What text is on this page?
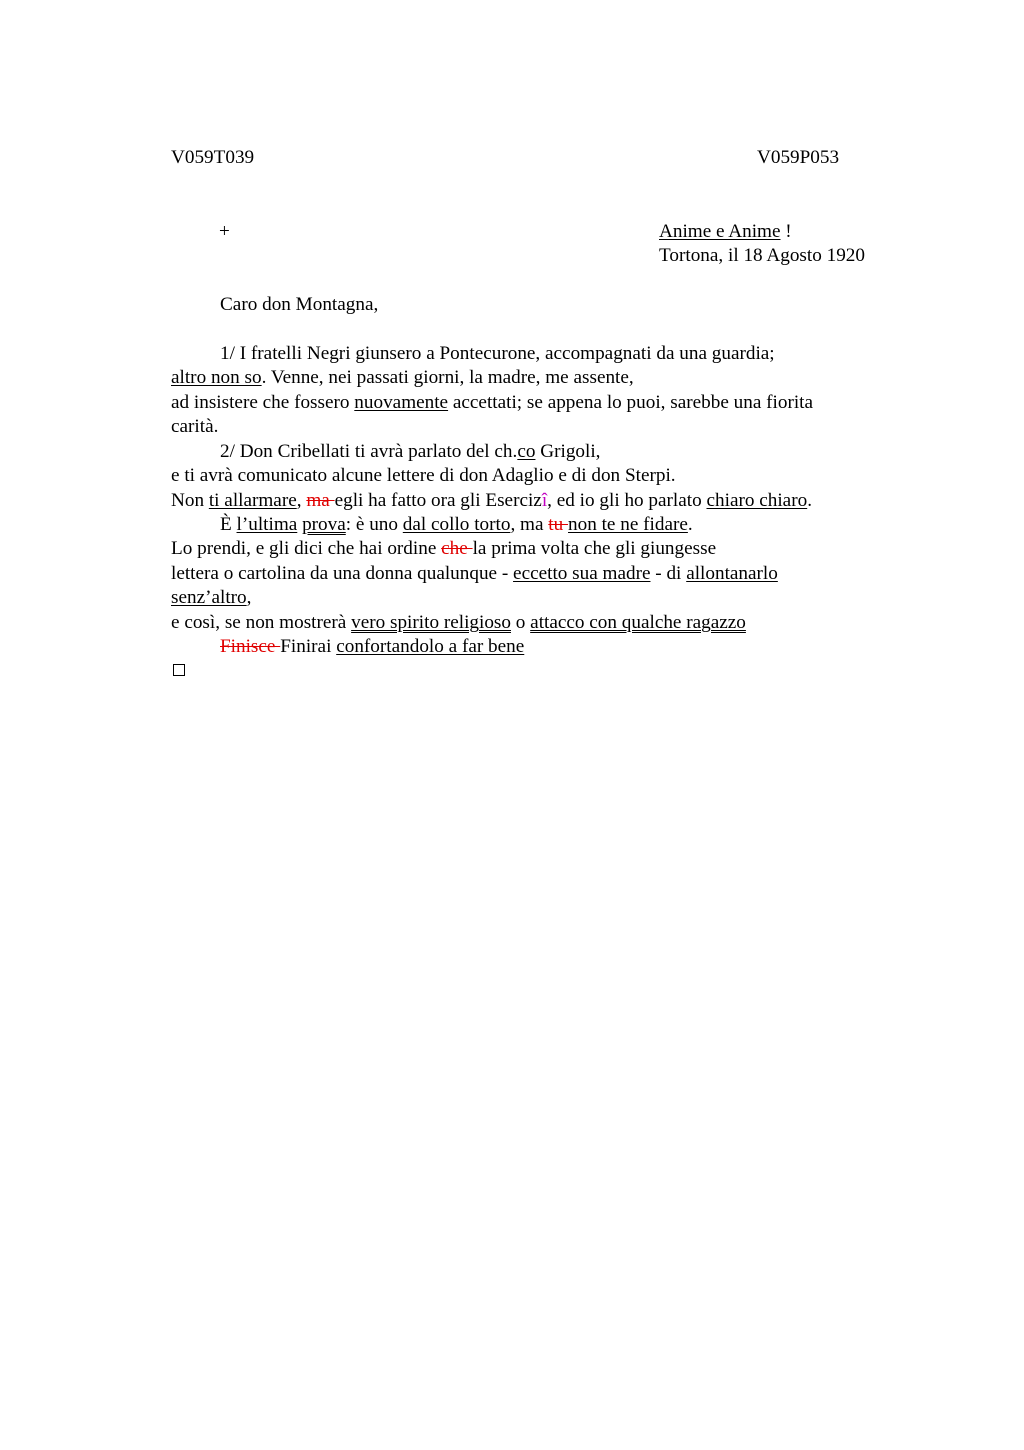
V059T039	V059P053
+	Anime e Anime !
Tortona, il 18 Agosto 1920
Caro don Montagna,
1/ I fratelli Negri giunsero a Pontecurone, accompagnati da una guardia;
altro non so. Venne, nei passati giorni, la madre, me assente,
ad insistere che fossero nuovamente accettati; se appena lo puoi, sarebbe una fiorita
carità.
2/ Don Cribellati ti avrà parlato del ch.co Grigoli,
e ti avrà comunicato alcune lettere di don Adaglio e di don Sterpi.
Non ti allarmare, ma egli ha fatto ora gli Esercizî, ed io gli ho parlato chiaro chiaro.
È l’ultima prova: è uno dal collo torto, ma tu non te ne fidare.
Lo prendi, e gli dici che hai ordine che la prima volta che gli giungesse
lettera o cartolina da una donna qualunque - eccetto sua madre - di allontanarlo
senz’altro,
e così, se non mostrerà vero spirito religioso o attacco con qualche ragazzo
Finisce Finirai confortandolo a far bene
